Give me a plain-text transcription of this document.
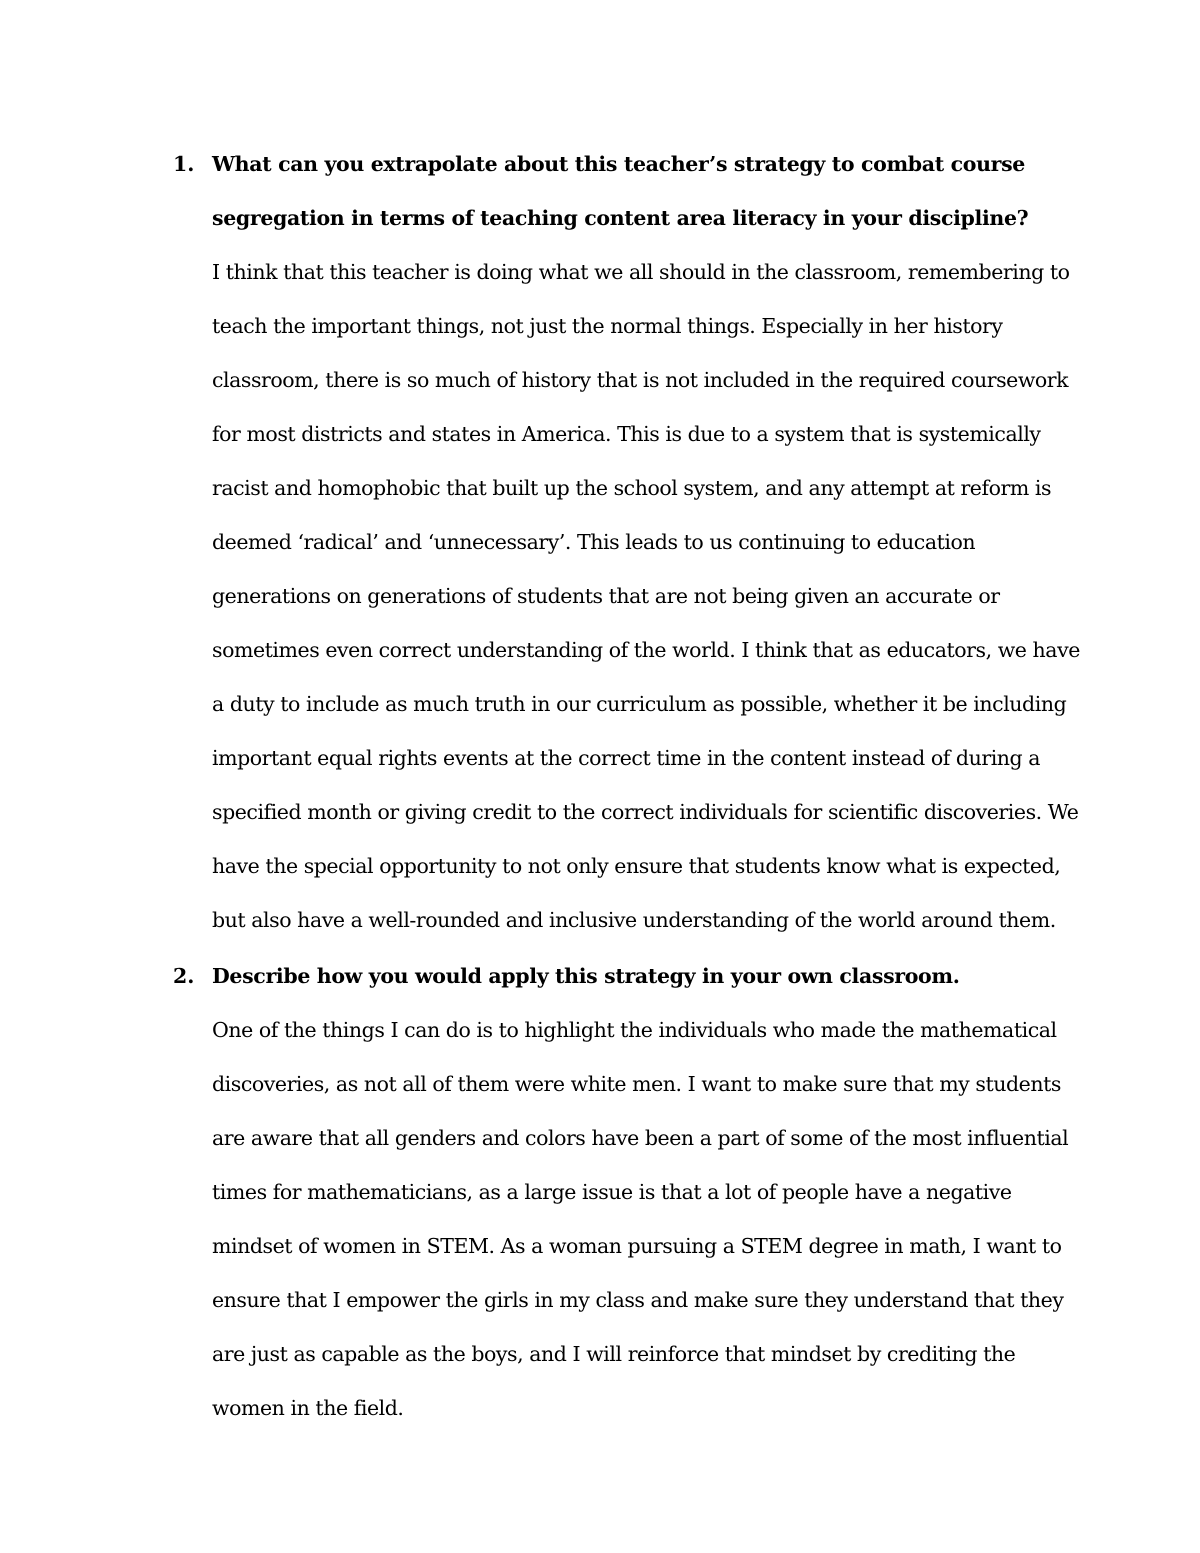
1. What can you extrapolate about this teacher’s strategy to combat course segregation in terms of teaching content area literacy in your discipline?

I think that this teacher is doing what we all should in the classroom, remembering to teach the important things, not just the normal things. Especially in her history classroom, there is so much of history that is not included in the required coursework for most districts and states in America. This is due to a system that is systemically racist and homophobic that built up the school system, and any attempt at reform is deemed ‘radical’ and ‘unnecessary’. This leads to us continuing to education generations on generations of students that are not being given an accurate or sometimes even correct understanding of the world. I think that as educators, we have a duty to include as much truth in our curriculum as possible, whether it be including important equal rights events at the correct time in the content instead of during a specified month or giving credit to the correct individuals for scientific discoveries. We have the special opportunity to not only ensure that students know what is expected, but also have a well-rounded and inclusive understanding of the world around them.

2. Describe how you would apply this strategy in your own classroom.

One of the things I can do is to highlight the individuals who made the mathematical discoveries, as not all of them were white men. I want to make sure that my students are aware that all genders and colors have been a part of some of the most influential times for mathematicians, as a large issue is that a lot of people have a negative mindset of women in STEM. As a woman pursuing a STEM degree in math, I want to ensure that I empower the girls in my class and make sure they understand that they are just as capable as the boys, and I will reinforce that mindset by crediting the women in the field.
